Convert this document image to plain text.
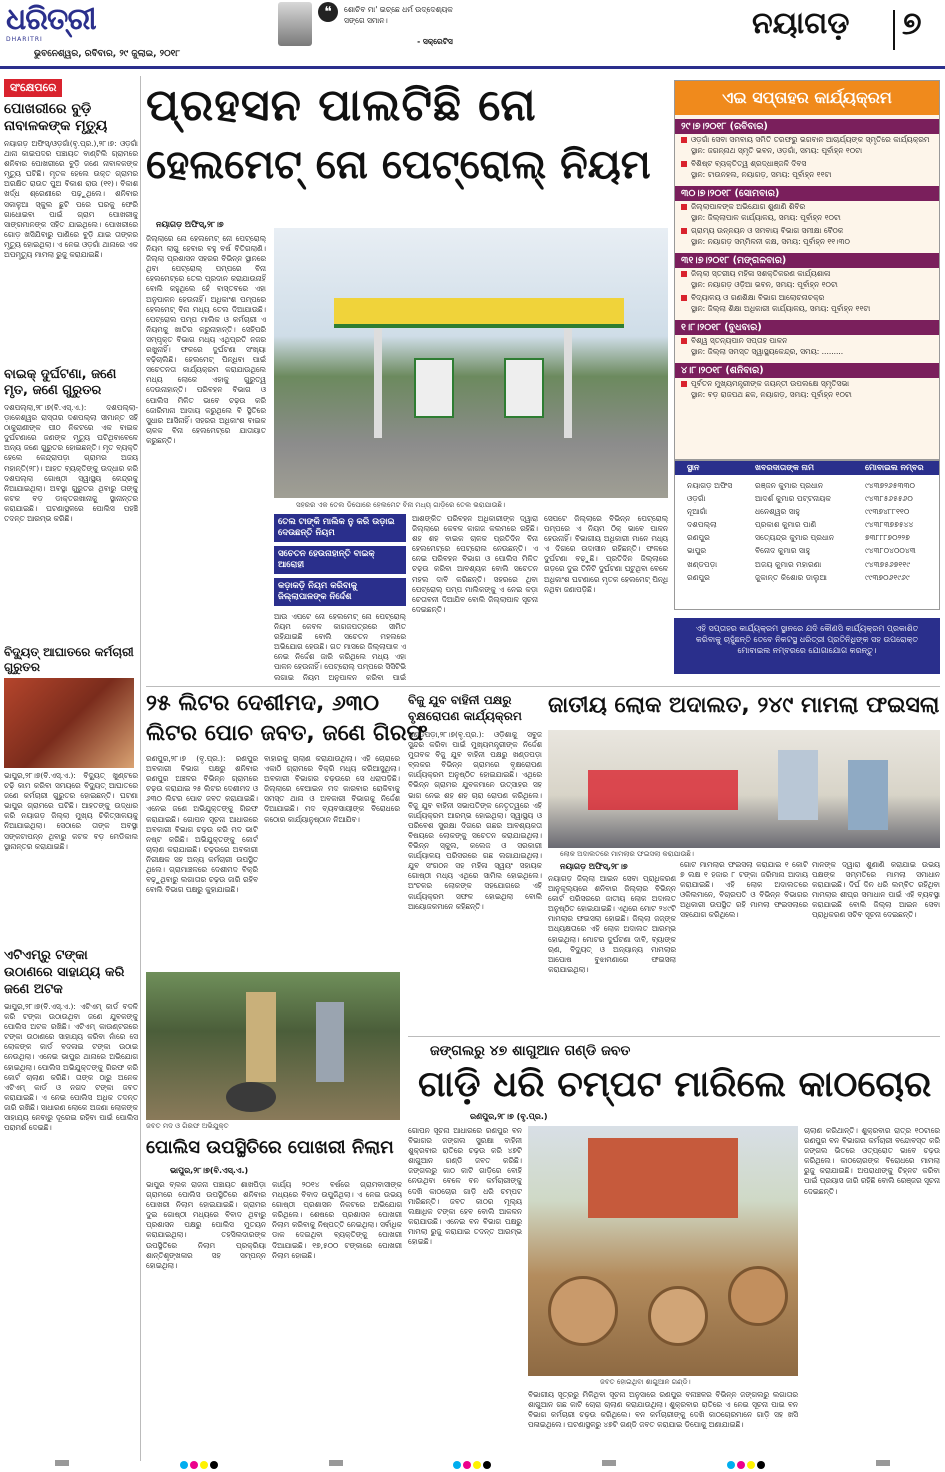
ଧରିତ୍ରୀ
DHARITRI
ଭୁବନେଶ୍ୱର, ରବିବାର, ୨୯ ଜୁଲାଇ, ୨୦୧୮
❝	ଶୋଚିବ ମା' ଇଚ୍ଛେ ଧର୍ମ ଉଦ୍‌ଦେଶ୍ୟକ
ସଙ୍ଗେ ସମାନ।
- ସକ୍ରେଟିସ
ନୟାଗଡ଼ ୭
ସଂକ୍ଷେପରେ
ପୋଖରୀରେ ବୁଡ଼ି ନାବାଳକଙ୍କ ମୃତ୍ୟୁ
ନୟାଗଡ଼ ଅଫିସ୍/ଓଡ଼ଗାଁ(ବୃ.ପ୍ର.),୨୮।୭: ଓଡ଼ଗାଁ ଥାନା କାଇପଦର ପଞ୍ଚାୟତ ବାଣ୍ଟିଲି ଗ୍ରାମରେ ଶନିବାର ପୋଖରୀରେ ବୁଡ଼ି ଜଣେ ନାବାଳକଙ୍କ ମୃତ୍ୟୁ ଘଟିଛି। ମୃତକ ହେଲେ ଉକ୍ତ ଗ୍ରାମର ଅରକ୍ଷିତ ରାଉତ ପୁଅ ବିକାଶ ରାଉ (୧୧)। ବିକାଶ ଖର୍ଦ୍ଧ ଶ୍ରେଣୀରେ ପଢ଼ୁଥିଲେ। ଶନିବାର ସକାଳୁଆ ସ୍କୁଲ ଛୁଟି ପରେ ଘରକୁ ଫେରି ଗାଧୋଇବା ପାଇଁ ଗ୍ରାମ ପୋଖରୀକୁ ସାଙ୍ଗମାନଙ୍କ ସହିତ ଯାଇଥିଲେ। ପୋଖରୀରେ ଗୋଡ଼ ଖସିଯିବାରୁ ପାଣିରେ ବୁଡ଼ି ଯାଇ ତାଙ୍କର ମୃତ୍ୟୁ ହୋଇଥିଲା। ଏ ନେଇ ଓଡ଼ଗାଁ ଥାନାରେ ଏକ ଅପମୃତ୍ୟୁ ମାମଲା ରୁଜୁ କରାଯାଇଛି।
ବାଇକ୍ ଦୁର୍ଘଟଣା, ଜଣେ ମୃତ, ଜଣେ ଗୁରୁତର
ଦଶପଲ୍ଲା,୨୮।୭(ବି.ଏସ୍.ଏ.): ଦଶପଲ୍ଲା-ଡ଼ାକେଶ୍ୱର ରାସ୍ତାର ଦଶପଲ୍ଲା ସୀମାନ୍ତ ସହି ଠାକୁରାଣୀଙ୍କ ପୀଠ ନିକଟରେ ଏକ ବାଇକ ଦୁର୍ଘଟଣାରେ ଜଣଙ୍କ ମୃତ୍ୟୁ ଘଟିଥିବାବେଳେ ଅନ୍ୟ ଜଣେ ଗୁରୁତର ହୋଇଛନ୍ତି। ମୃତ ବ୍ୟକ୍ତି ହେଲେ କେନ୍ଦ୍ରାପଡ଼ା ଗ୍ରାମର ଅଜୟ ମହାନ୍ତି(୨୮)। ଆହତ ବ୍ୟକ୍ତିଙ୍କୁ ଉଦ୍ଧାର କରି ଦଶପଲ୍ଲା ଗୋଷ୍ଠୀ ସ୍ୱାସ୍ଥ୍ୟ କେନ୍ଦ୍ରକୁ ନିଆଯାଇଥିଲା। ଅବସ୍ଥା ଗୁରୁତର ଥିବାରୁ ତାଙ୍କୁ କଟକ ବଡ଼ ଡାକ୍ତରଖାନାକୁ ସ୍ଥାନାନ୍ତର କରାଯାଇଛି। ଘଟଣାସ୍ଥଳରେ ପୋଲିସ ପହଞ୍ଚି ତଦନ୍ତ ଆରମ୍ଭ କରିଛି।
ବିଦ୍ୟୁତ୍ ଆଘାତରେ କର୍ମଚାରୀ ଗୁରୁତର
ଭାପୁର,୨୮।୭(ବି.ଏସ୍.ଏ.): ବିଦ୍ୟୁତ୍ ଖୁଣ୍ଟରେ ଚଢ଼ି କାମ କରିବା ସମୟରେ ବିଦ୍ୟୁତ୍ ଆଘାତରେ ଜଣେ କର୍ମଚାରୀ ଗୁରୁତର ହୋଇଛନ୍ତି। ଘଟଣା ଭାପୁର ଗ୍ରାମରେ ଘଟିଛି। ଆହତଙ୍କୁ ଉଦ୍ଧାର କରି ନୟାଗଡ଼ ଜିଲ୍ଲା ମୁଖ୍ୟ ଚିକିତ୍ସାଳୟକୁ ନିଆଯାଇଥିଲା। ସେଠାରେ ତାଙ୍କ ଅବସ୍ଥା ସଙ୍କଟାପନ୍ନ ଥିବାରୁ କଟକ ବଡ଼ ମେଡିକାଲ ସ୍ଥାନାନ୍ତର କରାଯାଇଛି।
ଏଟିଏମ୍‌ରୁ ଟଙ୍କା ଉଠାଣରେ ସାହାଯ୍ୟ କରି ଜଣେ ଅଟକ
ଭାପୁର,୨୮।୭(ବି.ଏସ୍.ଏ.): ଏଟିଏମ୍ କାର୍ଡ ବଦଳି କରି ଟଙ୍କା ଉଠାଉଥିବା ଜଣେ ଯୁବକଙ୍କୁ ପୋଲିସ ଅଟକ ରଖିଛି। ଏଟିଏମ୍ କାଉଣ୍ଟରରେ ଟଙ୍କା ଉଠାଣରେ ସାହାଯ୍ୟ କରିବା ନାଁରେ ସେ ଲୋକଙ୍କ କାର୍ଡ ବଦଳାଇ ଟଙ୍କା ଉଠାଇ ନେଉଥିଲା। ଏନେଇ ଭାପୁର ଥାନାରେ ଅଭିଯୋଗ ହୋଇଥିଲା। ପୋଲିସ ଅଭିଯୁକ୍ତଙ୍କୁ ଗିରଫ କରି କୋର୍ଟ ଚାଲାଣ କରିଛି। ତାଙ୍କ ଠାରୁ ଅନେକ ଏଟିଏମ୍ କାର୍ଡ ଓ ନଗଦ ଟଙ୍କା ଜବତ କରାଯାଇଛି। ଏ ନେଇ ପୋଲିସ ଅଧିକ ତଦନ୍ତ ଜାରି ରଖିଛି। ସାଧାରଣ ଲୋକେ ଅଜଣା ଲୋକଙ୍କ ସାହାଯ୍ୟ ନେବାରୁ ଦୂରେଇ ରହିବା ପାଇଁ ପୋଲିସ ପରାମର୍ଶ ଦେଇଛି।
ପ୍ରହସନ ପାଲଟିଛି ନୋ
ହେଲମେଟ୍ ନୋ ପେଟ୍ରୋଲ୍ ନିୟମ
ନୟାଗଡ଼ ଅଫିସ୍,୨୮।୭
ଜିଲ୍ଲାରେ ନୋ ହେଲମେଟ୍ ନୋ ପେଟ୍ରୋଲ୍ ନିୟମ ଲାଗୁ ହେବାର ବହୁ ବର୍ଷ ବିତିଗଲାଣି। ଜିଲ୍ଲା ପ୍ରଶାସନ ସହରର ବିଭିନ୍ନ ସ୍ଥାନରେ ଥିବା ପେଟ୍ରୋଲ୍ ପମ୍ପରେ ବିନା ହେଲମେଟ୍‌ରେ ତେଲ ପ୍ରଦାନ କରାଯାଉନାହିଁ ବୋଲି କହୁଥିଲେ ହେଁ ବାସ୍ତବରେ ଏହା ଅନୁପାଳନ ହେଉନାହିଁ। ଅଧିକାଂଶ ପମ୍ପରେ ହେଲମେଟ୍ ବିନା ମଧ୍ୟ ତେଲ ଦିଆଯାଉଛି। ପେଟ୍ରୋଲ ପମ୍ପ ମାଲିକ ଓ କର୍ମଚାରୀ ଏ ନିୟମକୁ ଖାତିର କରୁନାହାନ୍ତି। ସେହିପରି ସମ୍ପୃକ୍ତ ବିଭାଗ ମଧ୍ୟ ଏଥିପ୍ରତି ନଜର ରଖୁନାହିଁ। ଫଳରେ ଦୁର୍ଘଟଣା ସଂଖ୍ୟା ବଢ଼ିଚାଲିଛି। ହେଲମେଟ୍ ପିନ୍ଧିବା ପାଇଁ ସଚେତନତା କାର୍ଯ୍ୟକ୍ରମ କରାଯାଉଥିଲେ ମଧ୍ୟ ଲୋକେ ଏହାକୁ ଗୁରୁତ୍ୱ ଦେଉନାହାନ୍ତି। ପରିବହନ ବିଭାଗ ଓ ପୋଲିସ ମିଳିତ ଭାବେ ଚଢ଼ଉ କରି ଜୋରିମାନା ଆଦାୟ କରୁଥିଲେ ବି ସ୍ଥିତିରେ ସୁଧାର ଆସିନାହିଁ। ସହରର ଅଧିକାଂଶ ବାଇକ ଚାଳକ ବିନା ହେଲମେଟ୍‌ରେ ଯାତାୟାତ କରୁଛନ୍ତି।
ସହରର ଏକ ତେଲ ଡିପୋରେ ହେଲମେଟ ବିନା ମଧ୍ୟ ଗାଡ଼ିରେ ତେଲ ଭରାଯାଉଛି।
ତେଲ ଟାଙ୍କି ମାଲିକ ନୁ କରି ଉଡ଼ାଇ ଦେଉଛନ୍ତି ନିୟମ
ସଚେତନ ହେଉନାହାନ୍ତି ବାଇକ୍ ଆରୋହୀ
କଡ଼ାକଡ଼ି ନିୟମ କରିବାକୁ ଜିଲ୍ଲାପାଳଙ୍କ ନିର୍ଦ୍ଦେଶ
ଆଉ ଏପଟେ ନୋ ହେଲମେଟ୍ ନୋ ପେଟ୍ରୋଲ୍ ନିୟମ କେବଳ କାଗଜପତ୍ରରେ ସୀମିତ ରହିଯାଇଛି ବୋଲି ସଚେତନ ମହଲରେ ଅଭିଯୋଗ ହେଉଛି। ଗତ ମାସରେ ଜିଲ୍ଲାପାଳ ଏ ନେଇ ନିର୍ଦ୍ଦେଶ ଜାରି କରିଥିଲେ ମଧ୍ୟ ଏହା ପାଳନ ହେଉନାହିଁ। ପେଟ୍ରୋଲ୍ ପମ୍ପରେ ସିସିଟିଭି ଲଗାଇ ନିୟମ ଅନୁପାଳନ କରିବା ପାଇଁ
ଆଶଙ୍କିତ ପରିବହନ ଅଧିକାରୀଙ୍କ ଦ୍ୱାରା ଜିଲ୍ଲାରେ କେବଳ କାଗଜ କଲମରେ ରହିଛି। ଶହ ଶହ ବାଇକ ଚାଳକ ପ୍ରତିଦିନ ବିନା ହେଲମେଟ୍‌ରେ ପେଟ୍ରୋଲ ନେଉଛନ୍ତି। ଏ ନେଇ ପରିବହନ ବିଭାଗ ଓ ପୋଲିସ ମିଳିତ ଚଢ଼ଉ କରିବା ଆବଶ୍ୟକ ବୋଲି ସଚେତନ ମହଲ ଦାବି କରିଛନ୍ତି। ସହରରେ ଥିବା ପେଟ୍ରୋଲ୍ ପମ୍ପ ମାଲିକଙ୍କୁ ଏ ନେଇ କଡ଼ା ଚେତାବନୀ ଦିଆଯିବ ବୋଲି ଜିଲ୍ଲାପାଳ ସୂଚନା ଦେଇଛନ୍ତି।
ସେପଟେ ଜିଲ୍ଲାରେ ବିଭିନ୍ନ ପେଟ୍ରୋଲ୍ ପମ୍ପରେ ଏ ନିୟମ ଠିକ୍ ଭାବେ ପାଳନ ହେଉନାହିଁ। ବିଭାଗୀୟ ଅଧିକାରୀ ମାନେ ମଧ୍ୟ ଏ ଦିଗରେ ଉଦାସୀନ ରହିଛନ୍ତି। ଫଳରେ ଦୁର୍ଘଟଣା ବଢ଼ୁଛି। ପ୍ରତିଦିନ ଜିଲ୍ଲାରେ ଗଡ଼ରେ ଦୁଇ ତିନିଟି ଦୁର୍ଘଟଣା ଘଟୁଥିବା ବେଳେ ଅଧିକାଂଶ ଘଟଣାରେ ମୃତକ ହେଲମେଟ୍ ପିନ୍ଧି ନଥିବା ଜଣାପଡ଼ିଛି।
ଏଇ ସପ୍ତାହର କାର୍ଯ୍ୟକ୍ରମ
୨୯।୭।୨୦୧୮ (ରବିବାର)
ଓଡ଼ଗାଁ ସେବା ସମବାୟ ସମିତି ତରଫରୁ ଭଗବାନ ଆଚାର୍ଯ୍ୟଙ୍କ ସ୍ମୃତିରେ କାର୍ଯ୍ୟକ୍ରମ
ସ୍ଥାନ: ଜଗନ୍ନାଥ ସ୍ମୃତି ଭବନ, ଓଡ଼ଗାଁ, ସମୟ: ପୂର୍ବାହ୍ନ ୧୦ଟା
ବିଶିଷ୍ଟ ବ୍ୟକ୍ତିତ୍ୱ ଶ୍ରଦ୍ଧାଞ୍ଜଳି ଦିବସ
ସ୍ଥାନ: ଟାଉନହଲ, ନୟାଗଡ଼, ସମୟ: ପୂର୍ବାହ୍ନ ୧୧ଟା
୩୦।୭।୨୦୧୮ (ସୋମବାର)
ଜିଲ୍ଲାପାଳଙ୍କ ଅଭିଯୋଗ ଶୁଣାଣି ଶିବିର
ସ୍ଥାନ: ଜିଲ୍ଲାପାଳ କାର୍ଯ୍ୟାଳୟ, ସମୟ: ପୂର୍ବାହ୍ନ ୧୦ଟା
ଗ୍ରାମ୍ୟ ଉନ୍ନୟନ ଓ ସମବାୟ ବିଭାଗ ସମୀକ୍ଷା ବୈଠକ
ସ୍ଥାନ: ନୟାଗଡ଼ ସମ୍ମିଳନୀ କକ୍ଷ, ସମୟ: ପୂର୍ବାହ୍ନ ୧୧।୩୦
୩୧।୭।୨୦୧୮ (ମଙ୍ଗଳବାର)
ଜିଲ୍ଲା ସ୍ତରୀୟ ମହିଳା ସଶକ୍ତିକରଣ କାର୍ଯ୍ୟଶାଳା
ସ୍ଥାନ: ନୟାଗଡ଼ ଓଡ଼ିଆ ଭବନ, ସମୟ: ପୂର୍ବାହ୍ନ ୧୦ଟା
ବିଦ୍ୟାଳୟ ଓ ଗଣଶିକ୍ଷା ବିଭାଗ ଆଲୋଚନାଚକ୍ର
ସ୍ଥାନ: ଜିଲ୍ଲା ଶିକ୍ଷା ଅଧିକାରୀ କାର୍ଯ୍ୟାଳୟ, ସମୟ: ପୂର୍ବାହ୍ନ ୧୧ଟା
୧।୮।୨୦୧୮ (ବୁଧବାର)
ବିଶ୍ୱ ସ୍ତନ୍ୟପାନ ସପ୍ତାହ ପାଳନ
ସ୍ଥାନ: ଜିଲ୍ଲା ସମସ୍ତ ସ୍ୱାସ୍ଥ୍ୟକେନ୍ଦ୍ର, ସମୟ: .........
୪।୮।୨୦୧୮ (ଶନିବାର)
ପୂର୍ବତନ ମୁଖ୍ୟମନ୍ତ୍ରୀଙ୍କ ଜୟନ୍ତୀ ଉପଲକ୍ଷେ ସ୍ମୃତିସଭା
ସ୍ଥାନ: ବଡ଼ ରାଜପଥ ଛକ, ନୟାଗଡ଼, ସମୟ: ପୂର୍ବାହ୍ନ ୧୦ଟା
ସ୍ଥାନ	ଖବରଦାତାଙ୍କ ନାମ	ମୋବାଇଲ ନମ୍ବର
ନୟାଗଡ଼ ଅଫିସ	ରଞ୍ଜନ କୁମାର ପ୍ରଧାନ	୯୪୩୭୨୬୫୩୩୦
ଓଡ଼ଗାଁ	ଆଦର୍ଶ କୁମାର ପଟ୍ଟନାୟକ	୯୪୩୮୫୬୫୫୬୦
ନୂଆଗାଁ	ଧନେଶ୍ୱର ସାହୁ	୯୯୩୭୪୮୮୧୧୦
ଦଶପଲ୍ଲା	ପ୍ରକାଶ କୁମାର ପାଣି	୯୪୩୮୩୭୭୫୪୪
ରଣପୁର	ସତ୍ୟେନ୍ଦ୍ର କୁମାର ପ୍ରଧାନ	୭୩୮୮୮୭୦୨୨୭
ଭାପୁର	ବିନୋଦ କୁମାର ସାହୁ	୯୪୩୮୦୪୦୦୪୩
ଖଣ୍ଡପଡ଼ା	ଅଜୟ କୁମାର ମହାରଣା	୯୪୩୭୫୬୭୧୧୯
ରଣପୁର	ଜୁକାନ୍ତ କିଶୋର ଡାଲୁଆ	୯୯୩୭୦୬୧୯୬୯
ଏହି ସପ୍ତାହର କାର୍ଯ୍ୟକ୍ରମ ସ୍ଥାନରେ ଯଦି କୌଣସି କାର୍ଯ୍ୟକ୍ରମ ପ୍ରକାଶିତ କରିବାକୁ ଚାହୁଁଛନ୍ତି ତେବେ ନିକଟସ୍ଥ ଧରିତ୍ରୀ ପ୍ରତିନିଧିଙ୍କ ସହ ଉପରୋକ୍ତ ମୋବାଇଲ ନମ୍ବରରେ ଯୋଗାଯୋଗ କରନ୍ତୁ।
୨୫ ଲିଟର ଦେଶୀମଦ, ୬୩୦
ଲିଟର ପୋଚ ଜବତ, ଜଣେ ଗିରଫ
ରଣପୁର,୨୮।୭ (ବୃ.ପ୍ର.): ରଣପୁର ଅବକାରୀ ବିଭାଗ ପକ୍ଷରୁ ଶନିବାର ରଣପୁର ଅଞ୍ଚଳର ବିଭିନ୍ନ ଗ୍ରାମରେ ଚଢ଼ଉ କରାଯାଇ ୨୫ ଲିଟର ଦେଶୀମଦ ଓ ୬୩୦ ଲିଟର ପୋଚ ଜବତ କରାଯାଇଛି। ଏନେଇ ଜଣେ ଅଭିଯୁକ୍ତଙ୍କୁ ଗିରଫ କରାଯାଇଛି। ଗୋପନ ସୂଚନା ଆଧାରରେ ଅବକାରୀ ବିଭାଗ ଚଢ଼ଉ କରି ମଦ ଭାଟି ନଷ୍ଟ କରିଛି। ଅଭିଯୁକ୍ତଙ୍କୁ କୋର୍ଟ ଚାଲାଣ କରାଯାଇଛି। ଚଢ଼ଉରେ ଅବକାରୀ ନିରୀକ୍ଷକ ସହ ଅନ୍ୟ କର୍ମଚାରୀ ଉପସ୍ଥିତ ଥିଲେ। ଗ୍ରାମାଞ୍ଚଳରେ ଦେଶୀମଦ ବିକ୍ରି ବଢ଼ୁଥିବାରୁ ଲଗାତାର ଚଢ଼ଉ ଜାରି ରହିବ ବୋଲି ବିଭାଗ ପକ୍ଷରୁ କୁହାଯାଇଛି।
ବାହାରକୁ ଚାଲାଣ କରାଯାଉଥିଲା। ଏହି ଚୋରାରେ ଏକାଠି ଗ୍ରାମରେ ବିକ୍ରି ମଧ୍ୟ କରିଆସୁଥିଲା। ଅବକାରୀ ବିଭାଗର ଚଢ଼ଉରେ ସେ ଧରାପଡ଼ିଛି। ଜିଲ୍ଲାରେ ବେଆଇନ ମଦ କାରବାର ରୋକିବାକୁ ସମସ୍ତ ଥାନା ଓ ଅବକାରୀ ବିଭାଗକୁ ନିର୍ଦ୍ଦେଶ ଦିଆଯାଇଛି। ମଦ ବ୍ୟବସାୟୀଙ୍କ ବିରୋଧରେ କଠୋର କାର୍ଯ୍ୟାନୁଷ୍ଠାନ ନିଆଯିବ।
ଜବତ ମଦ ଓ ଗିରଫ ଅଭିଯୁକ୍ତ
ପୋଲିସ ଉପସ୍ଥିତିରେ ପୋଖରୀ ନିଲାମ
ଭାପୁର,୨୮।୭(ବି.ଏସ୍.ଏ.)
ଭାପୁର ବ୍ଲକ ରାଜନା ପଞ୍ଚାୟତ ଶାଖପିଡ଼ା ଗ୍ରାମରେ ପୋଲିସ ଉପସ୍ଥିତିରେ ଶନିବାର ପୋଖରୀ ନିଲାମ ହୋଇଯାଇଛି। ଗ୍ରାମର ଦୁଇ ଗୋଷ୍ଠୀ ମଧ୍ୟରେ ବିବାଦ ଥିବାରୁ ପ୍ରଶାସନ ପକ୍ଷରୁ ପୋଲିସ ମୁତୟନ କରାଯାଇଥିଲା। ତହସିଲଦାରଙ୍କ ଉପସ୍ଥିତିରେ ନିଲାମ ପ୍ରକ୍ରିୟା ଶାନ୍ତିଶୃଙ୍ଖଳାର ସହ ସମ୍ପନ୍ନ ହୋଇଥିଲା।
କାର୍ଯ୍ୟ ୨୦୧୪ ବର୍ଷରେ ଗ୍ରାମବାସୀଙ୍କ ମଧ୍ୟରେ ବିବାଦ ଉପୁଜିଥିଲା। ଏ ନେଇ ଉଭୟ ଗୋଷ୍ଠୀ ପ୍ରଶାସନ ନିକଟରେ ଅଭିଯୋଗ କରିଥିଲେ। ଶେଷରେ ପ୍ରଶାସନ ପୋଖରୀ ନିଲାମ କରିବାକୁ ନିଷ୍ପତ୍ତି ନେଇଥିଲା। ସର୍ବାଧିକ ଡାକ ଦେଇଥିବା ବ୍ୟକ୍ତିଙ୍କୁ ପୋଖରୀ ଦିଆଯାଇଛି। ୧୭,୫୦୦ ଟଙ୍କାରେ ପୋଖରୀ ନିଲାମ ହୋଇଛି।
ବିଜୁ ଯୁବ ବାହିନୀ ପକ୍ଷରୁ ବୃକ୍ଷରୋପଣ କାର୍ଯ୍ୟକ୍ରମ
ଖଣ୍ଡପଡ଼ା,୨୮।୭(ବୃ.ପ୍ର.): ଓଡ଼ିଶାକୁ ସବୁଜ ସୁନ୍ଦର କରିବା ପାଇଁ ମୁଖ୍ୟମନ୍ତ୍ରୀଙ୍କ ନିର୍ଦ୍ଦେଶ ମୁତାବକ ବିଜୁ ଯୁବ ବାହିନୀ ପକ୍ଷରୁ ଖଣ୍ଡପଡ଼ା ବ୍ଲକର ବିଭିନ୍ନ ଗ୍ରାମରେ ବୃକ୍ଷରୋପଣ କାର୍ଯ୍ୟକ୍ରମ ଅନୁଷ୍ଠିତ ହୋଇଯାଇଛି। ଏଥିରେ ବିଭିନ୍ନ ଗ୍ରାମର ଯୁବକମାନେ ଉତ୍ସାହର ସହ ଭାଗ ନେଇ ଶହ ଶହ ଚାରା ରୋପଣ କରିଥିଲେ। ବିଜୁ ଯୁବ ବାହିନୀ ସଭାପତିଙ୍କ ନେତୃତ୍ୱରେ ଏହି କାର୍ଯ୍ୟକ୍ରମ ଆରମ୍ଭ ହୋଇଥିଲା। ସ୍ୱାସ୍ଥ୍ୟ ଓ ପରିବେଶ ସୁରକ୍ଷା ଦିଗରେ ଗଛର ଆବଶ୍ୟକତା ବିଷୟରେ ଲୋକଙ୍କୁ ସଚେତନ କରାଯାଇଥିଲା। ବିଭିନ୍ନ ସ୍କୁଲ, କଲେଜ ଓ ସରକାରୀ କାର୍ଯ୍ୟାଳୟ ପରିସରରେ ଗଛ ଲଗାଯାଇଥିଲା। ଯୁବ ସଂଗଠନ ସହ ମହିଳା ସ୍ୱୟଂ ସହାୟକ ଗୋଷ୍ଠୀ ମଧ୍ୟ ଏଥିରେ ସାମିଲ ହୋଇଥିଲେ। ଅଂଚଳର ଲୋକଙ୍କ ସହଯୋଗରେ ଏହି କାର୍ଯ୍ୟକ୍ରମ ସଫଳ ହୋଇଥିଲା ବୋଲି ଆୟୋଜକମାନେ କହିଛନ୍ତି।
ଜାତୀୟ ଲୋକ ଅଦାଲତ, ୨୪୯ ମାମଲା ଫଇସଲା
ଲୋକ ଅଦାଲତରେ ମାମଲାର ଫଇସଲା କରାଯାଉଛି।
ନୟାଗଡ଼ ଅଫିସ୍,୨୮।୭
ନୟାଗଡ଼ ଜିଲ୍ଲା ଆଇନ ସେବା ପ୍ରାଧିକରଣ ଆନୁକୂଲ୍ୟରେ ଶନିବାର ଜିଲ୍ଲାର ବିଭିନ୍ନ କୋର୍ଟ ପରିସରରେ ଜାତୀୟ ଲୋକ ଅଦାଲତ ଅନୁଷ୍ଠିତ ହୋଇଯାଇଛି। ଏଥିରେ ମୋଟ ୨୪୯ଟି ମାମଲାର ଫଇସଲା ହୋଇଛି। ଜିଲ୍ଲା ଜଜ୍‌ଙ୍କ ଅଧ୍ୟକ୍ଷତାରେ ଏହି ଲୋକ ଅଦାଲତ ଆରମ୍ଭ ହୋଇଥିଲା। ମୋଟର ଦୁର୍ଘଟଣା ଦାବି, ବ୍ୟାଙ୍କ ଋଣ, ବିଦ୍ୟୁତ୍ ଓ ଅନ୍ୟାନ୍ୟ ମାମଲାର ଆପୋଷ ବୁଝାମଣାରେ ଫଇସଲା କରାଯାଇଥିଲା।
ଗୋଟ ମାମଲାର ଫଇସଲା କରାଯାଇ ୧ କୋଟି ୭ ଲକ୍ଷ ୧ ହଜାର ୮ ଟଙ୍କା ଜରିମାନା ଆଦାୟ କରାଯାଇଛି। ଏହି ଲୋକ ଅଦାଲତରେ ଓକିଲମାନେ, ବିଚାରପତି ଓ ବିଭିନ୍ନ ବିଭାଗର ଅଧିକାରୀ ଉପସ୍ଥିତ ରହି ମାମଲା ଫଇସଲାରେ ସହଯୋଗ କରିଥିଲେ।
ମାନଙ୍କ ଦ୍ୱାରା ଶୁଣାଣି କରାଯାଇ ଉଭୟ ପକ୍ଷଙ୍କ ସମ୍ମତିରେ ମାମଲା ସମାଧାନ କରାଯାଇଛି। ଦିର୍ଘ ଦିନ ଧରି ଲମ୍ବିତ ରହିଥିବା ମାମଲାର ଶୀଘ୍ର ସମାଧାନ ପାଇଁ ଏହି ବ୍ୟବସ୍ଥା କରାଯାଇଛି ବୋଲି ଜିଲ୍ଲା ଆଇନ ସେବା ପ୍ରାଧିକରଣ ସଚିବ ସୂଚନା ଦେଇଛନ୍ତି।
ଜଙ୍ଗଲରୁ ୪୭ ଶାଗୁଆନ ଗଣ୍ଡି ଜବତ
ଗାଡ଼ି ଧରି ଚମ୍ପଟ ମାରିଲେ କାଠଚୋର
ରଣପୁର,୨୮।୭ (ବୃ.ପ୍ର.)
ଗୋପନ ସୂଚନା ଆଧାରରେ ରଣପୁର ବନ ବିଭାଗର ଜଙ୍ଗଲ ସୁରକ୍ଷା ବାହିନୀ ଶୁକ୍ରବାର ରାତିରେ ଚଢ଼ଉ କରି ୪୭ଟି ଶାଗୁଆନ ଗଣ୍ଡି ଜବତ କରିଛି। ଜଙ୍ଗଲରୁ କାଠ କାଟି ଗାଡ଼ିରେ ବୋହି ନେଉଥିବା ବେଳେ ବନ କର୍ମଚାରୀଙ୍କୁ ଦେଖି କାଠଚୋର ଗାଡ଼ି ଧରି ଚମ୍ପଟ ମାରିଛନ୍ତି। ଜବତ କାଠର ମୂଲ୍ୟ ଲକ୍ଷାଧିକ ଟଙ୍କା ହେବ ବୋଲି ଆକଳନ କରାଯାଉଛି। ଏନେଇ ବନ ବିଭାଗ ପକ୍ଷରୁ ମାମଲା ରୁଜୁ କରାଯାଇ ତଦନ୍ତ ଆରମ୍ଭ ହୋଇଛି।
ଜବତ ହୋଇଥିବା ଶାଗୁଆନ ଗଣ୍ଡି।
ବିଭାଗୀୟ ସୂତ୍ରରୁ ମିଳିଥିବା ସୂଚନା ଅନୁସାରେ ରଣପୁର ବନାଞ୍ଚଳର ବିଭିନ୍ନ ଜଙ୍ଗଲରୁ ଲଗାତାର ଶାଗୁଆନ ଗଛ କାଟି ଚୋରା ଚାଲାଣ କରାଯାଉଥିଲା। ଶୁକ୍ରବାର ରାତିରେ ଏ ନେଇ ସୂଚନା ପାଇ ବନ ବିଭାଗ କର୍ମଚାରୀ ଚଢ଼ଉ କରିଥିଲେ। ବନ କର୍ମଚାରୀଙ୍କୁ ଦେଖି କାଠଚୋରମାନେ ଗାଡ଼ି ସହ ଖସି ପଳାଇଥିଲେ। ଘଟଣାସ୍ଥଳରୁ ୪୭ଟି ଗଣ୍ଡି ଜବତ କରାଯାଇ ଡିପୋକୁ ଅଣାଯାଇଛି।
ଚାଲାଣ କରିଥାନ୍ତି। ଶୁକ୍ରବାର ରାତ୍ର ୧୦ଟାରେ ରଣପୁର ବନ ବିଭାଗର କର୍ମଚାରୀ ବନ୍ଦୋବସ୍ତ କରି ଜଙ୍ଗଲ ଭିତରେ ଓତ୍‌ପ୍ରୋତ ଭାବେ ଚଢ଼ଉ କରିଥିଲେ। କାଠଚୋରଙ୍କ ବିରୋଧରେ ମାମଲା ରୁଜୁ କରାଯାଇଛି। ଅପରାଧୀଙ୍କୁ ଚିହ୍ନଟ କରିବା ପାଇଁ ପ୍ରୟାସ ଜାରି ରହିଛି ବୋଲି ରେଞ୍ଜର ସୂଚନା ଦେଇଛନ୍ତି।
